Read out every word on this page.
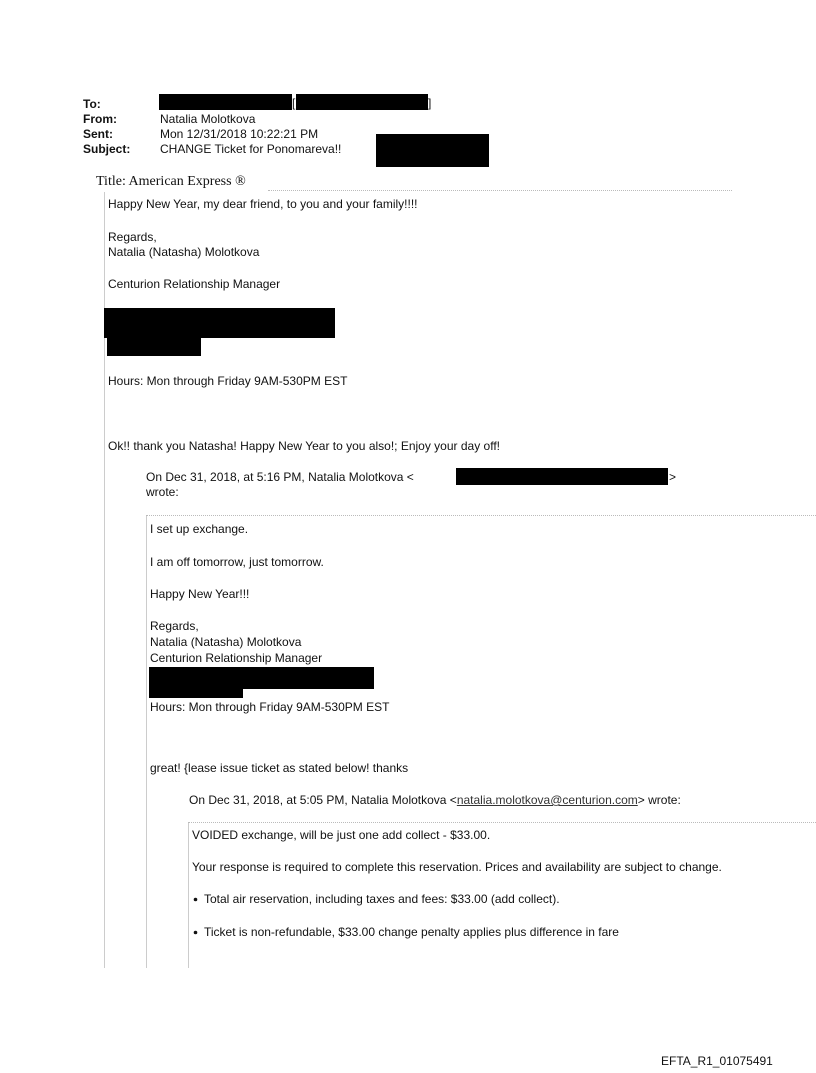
To:	[	]
From:	Natalia Molotkova
Sent:	Mon 12/31/2018 10:22:21 PM
Subject: CHANGE Ticket for Ponomareva!!
Title: American Express ®
Happy New Year, my dear friend, to you and your family!!!!
Regards,
Natalia (Natasha) Molotkova
Centurion Relationship Manager
Hours: Mon through Friday 9AM-530PM EST
Ok!! thank you Natasha! Happy New Year to you also!; Enjoy your day off!
On Dec 31, 2018, at 5:16 PM, Natalia Molotkova <	>
wrote:
I set up exchange.
I am off tomorrow, just tomorrow.
Happy New Year!!!
Regards,
Natalia (Natasha) Molotkova
Centurion Relationship Manager
Hours: Mon through Friday 9AM-530PM EST
great! {lease issue ticket as stated below! thanks
On Dec 31, 2018, at 5:05 PM, Natalia Molotkova <natalia.molotkova@centurion.com> wrote:
VOIDED exchange, will be just one add collect - $33.00.
Your response is required to complete this reservation. Prices and availability are subject to change.
Total air reservation, including taxes and fees: $33.00 (add collect).
Ticket is non-refundable, $33.00 change penalty applies plus difference in fare
EFTA_R1_01075491
